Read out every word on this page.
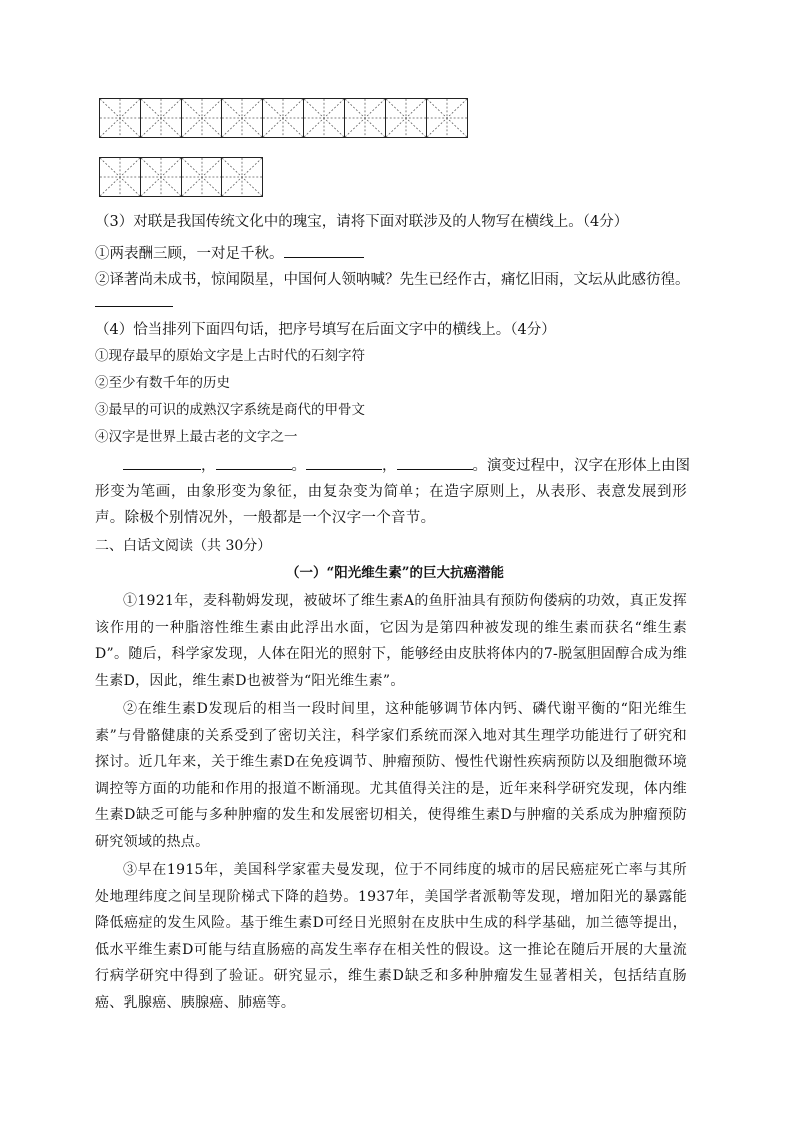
（3）对联是我国传统文化中的瑰宝，请将下面对联涉及的人物写在横线上。（4分）
①两表酬三顾，一对足千秋。
②译著尚未成书，惊闻陨星，中国何人领呐喊？先生已经作古，痛忆旧雨，文坛从此感彷徨。
（4）恰当排列下面四句话，把序号填写在后面文字中的横线上。（4分）
①现存最早的原始文字是上古时代的石刻字符
②至少有数千年的历史
③最早的可识的成熟汉字系统是商代的甲骨文
④汉字是世界上最古老的文字之一
，	。	，	。演变过程中，汉字在形体上由图
形变为笔画，由象形变为象征，由复杂变为简单；在造字原则上，从表形、表意发展到形声。除极个别情况外，一般都是一个汉字一个音节。
二、白话文阅读（共 30分）
（一）“阳光维生素”的巨大抗癌潜能
①1921年，麦科勒姆发现，被破坏了维生素A的鱼肝油具有预防佝偻病的功效，真正发挥该作用的一种脂溶性维生素由此浮出水面，它因为是第四种被发现的维生素而获名“维生素D”。随后，科学家发现，人体在阳光的照射下，能够经由皮肤将体内的7-脱氢胆固醇合成为维生素D，因此，维生素D也被誉为“阳光维生素”。
②在维生素D发现后的相当一段时间里，这种能够调节体内钙、磷代谢平衡的“阳光维生素”与骨骼健康的关系受到了密切关注，科学家们系统而深入地对其生理学功能进行了研究和探讨。近几年来，关于维生素D在免疫调节、肿瘤预防、慢性代谢性疾病预防以及细胞微环境调控等方面的功能和作用的报道不断涌现。尤其值得关注的是，近年来科学研究发现，体内维生素D缺乏可能与多种肿瘤的发生和发展密切相关，使得维生素D与肿瘤的关系成为肿瘤预防研究领域的热点。
③早在1915年，美国科学家霍夫曼发现，位于不同纬度的城市的居民癌症死亡率与其所处地理纬度之间呈现阶梯式下降的趋势。1937年，美国学者派勒等发现，增加阳光的暴露能降低癌症的发生风险。基于维生素D可经日光照射在皮肤中生成的科学基础，加兰德等提出，低水平维生素D可能与结直肠癌的高发生率存在相关性的假设。这一推论在随后开展的大量流行病学研究中得到了验证。研究显示，维生素D缺乏和多种肿瘤发生显著相关，包括结直肠癌、乳腺癌、胰腺癌、肺癌等。
